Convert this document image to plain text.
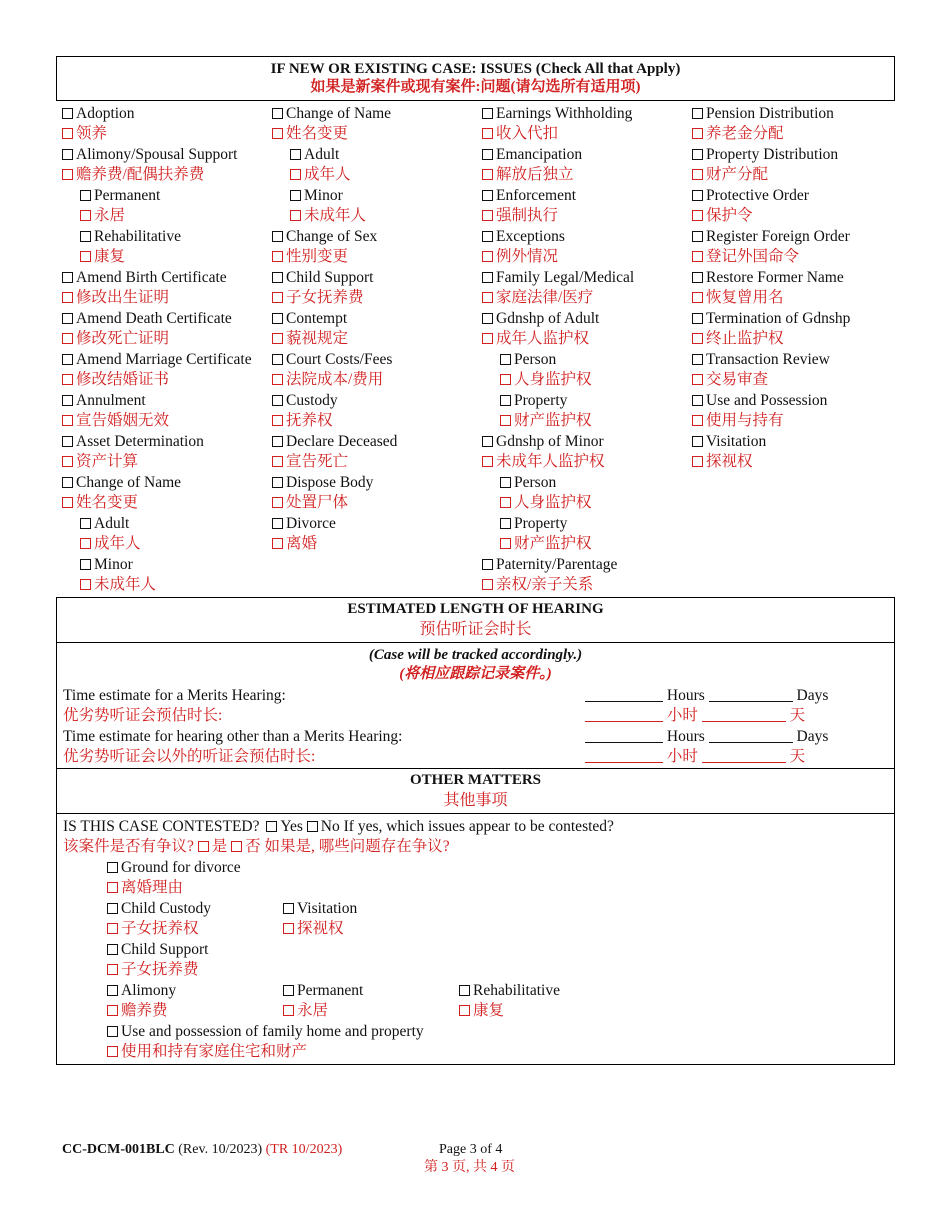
IF NEW OR EXISTING CASE: ISSUES (Check All that Apply)
如果是新案件或现有案件:问题(请勾选所有适用项)
Adoption
领养
Alimony/Spousal Support
赡养费/配偶扶养费
Permanent
永居
Rehabilitative
康复
Amend Birth Certificate
修改出生证明
Amend Death Certificate
修改死亡证明
Amend Marriage Certificate
修改结婚证书
Annulment
宣告婚姻无效
Asset Determination
资产计算
Change of Name
姓名变更
Adult
成年人
Minor
未成年人
Change of Name
姓名变更
Adult
成年人
Minor
未成年人
Change of Sex
性别变更
Child Support
子女抚养费
Contempt
藐视规定
Court Costs/Fees
法院成本/费用
Custody
抚养权
Declare Deceased
宣告死亡
Dispose Body
处置尸体
Divorce
离婚
Earnings Withholding
收入代扣
Emancipation
解放后独立
Enforcement
强制执行
Exceptions
例外情况
Family Legal/Medical
家庭法律/医疗
Gdnshp of Adult
成年人监护权
Person
人身监护权
Property
财产监护权
Gdnshp of Minor
未成年人监护权
Person
人身监护权
Property
财产监护权
Paternity/Parentage
亲权/亲子关系
Pension Distribution
养老金分配
Property Distribution
财产分配
Protective Order
保护令
Register Foreign Order
登记外国命令
Restore Former Name
恢复曾用名
Termination of Gdnshp
终止监护权
Transaction Review
交易审查
Use and Possession
使用与持有
Visitation
探视权
ESTIMATED LENGTH OF HEARING
预估听证会时长
(Case will be tracked accordingly.)
(将相应跟踪记录案件。)
Time estimate for a Merits Hearing:
优劣势听证会预估时长:
Hours	Days
小时	天
Time estimate for hearing other than a Merits Hearing:
优劣势听证会以外的听证会预估时长:
Hours	Days
小时	天
OTHER MATTERS
其他事项
IS THIS CASE CONTESTED? Yes No If yes, which issues appear to be contested?
该案件是否有争议? 是 否 如果是, 哪些问题存在争议?
Ground for divorce
离婚理由
Child Custody
子女抚养权
Visitation
探视权
Child Support
子女抚养费
Alimony
赡养费
Permanent
永居
Rehabilitative
康复
Use and possession of family home and property
使用和持有家庭住宅和财产
CC-DCM-001BLC (Rev. 10/2023) (TR 10/2023)	Page 3 of 4
第 3 页, 共 4 页
